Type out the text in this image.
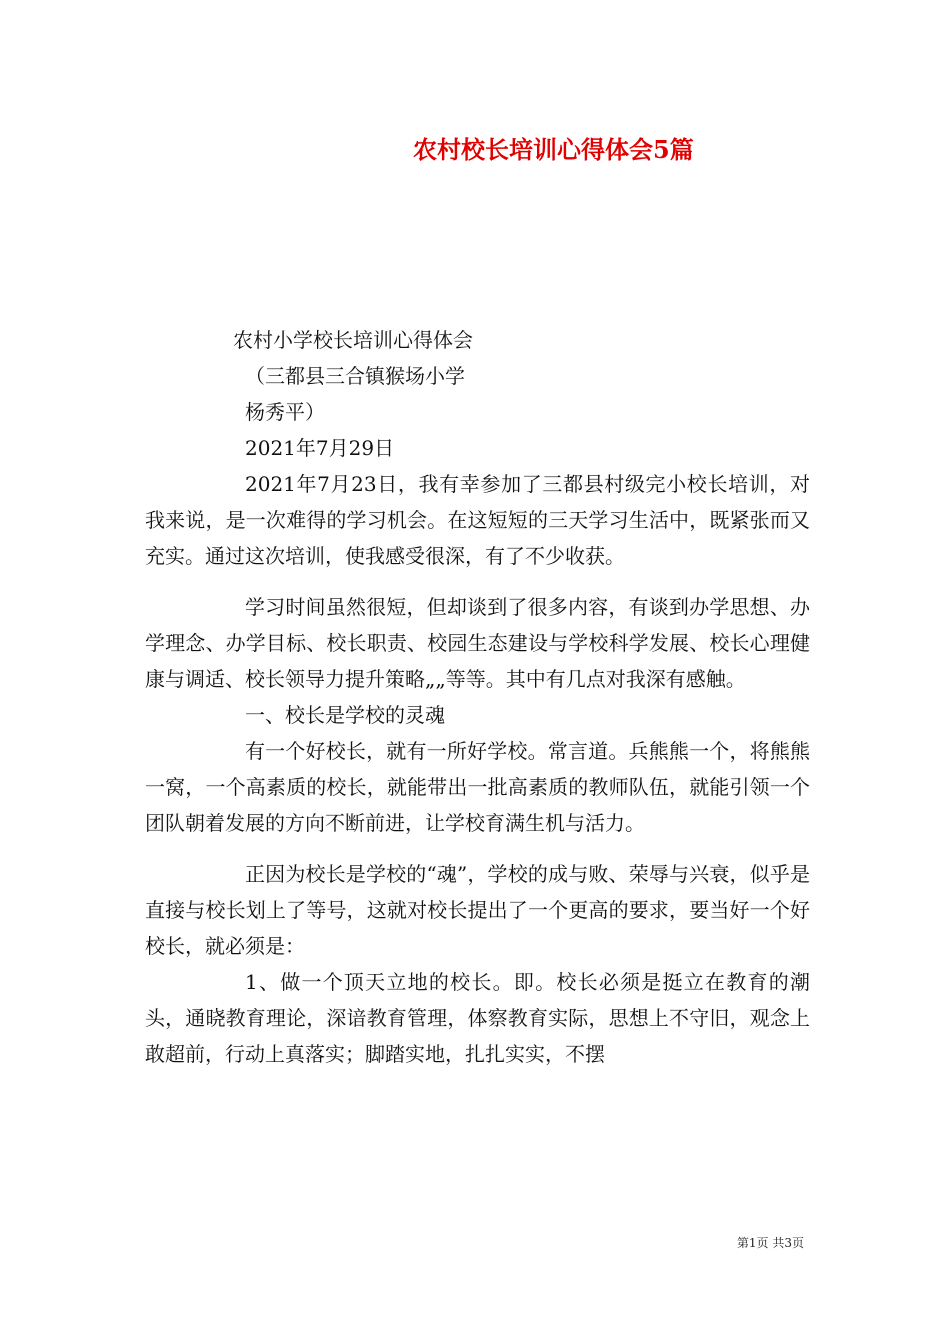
农村校长培训心得体会5篇
农村小学校长培训心得体会
（三都县三合镇猴场小学
杨秀平）
2021年7月29日
2021年7月23日，我有幸参加了三都县村级完小校长培训，对我来说，是一次难得的学习机会。在这短短的三天学习生活中，既紧张而又充实。通过这次培训，使我感受很深，有了不少收获。
学习时间虽然很短，但却谈到了很多内容，有谈到办学思想、办学理念、办学目标、校长职责、校园生态建设与学校科学发展、校长心理健康与调适、校长领导力提升策略„„等等。其中有几点对我深有感触。
一、校长是学校的灵魂
有一个好校长，就有一所好学校。常言道。兵熊熊一个，将熊熊一窝，一个高素质的校长，就能带出一批高素质的教师队伍，就能引领一个团队朝着发展的方向不断前进，让学校育满生机与活力。
正因为校长是学校的“魂”，学校的成与败、荣辱与兴衰，似乎是直接与校长划上了等号，这就对校长提出了一个更高的要求，要当好一个好校长，就必须是：
1、做一个顶天立地的校长。即。校长必须是挺立在教育的潮头，通晓教育理论，深谙教育管理，体察教育实际，思想上不守旧，观念上敢超前，行动上真落实；脚踏实地，扎扎实实，不摆
第1页 共3页
